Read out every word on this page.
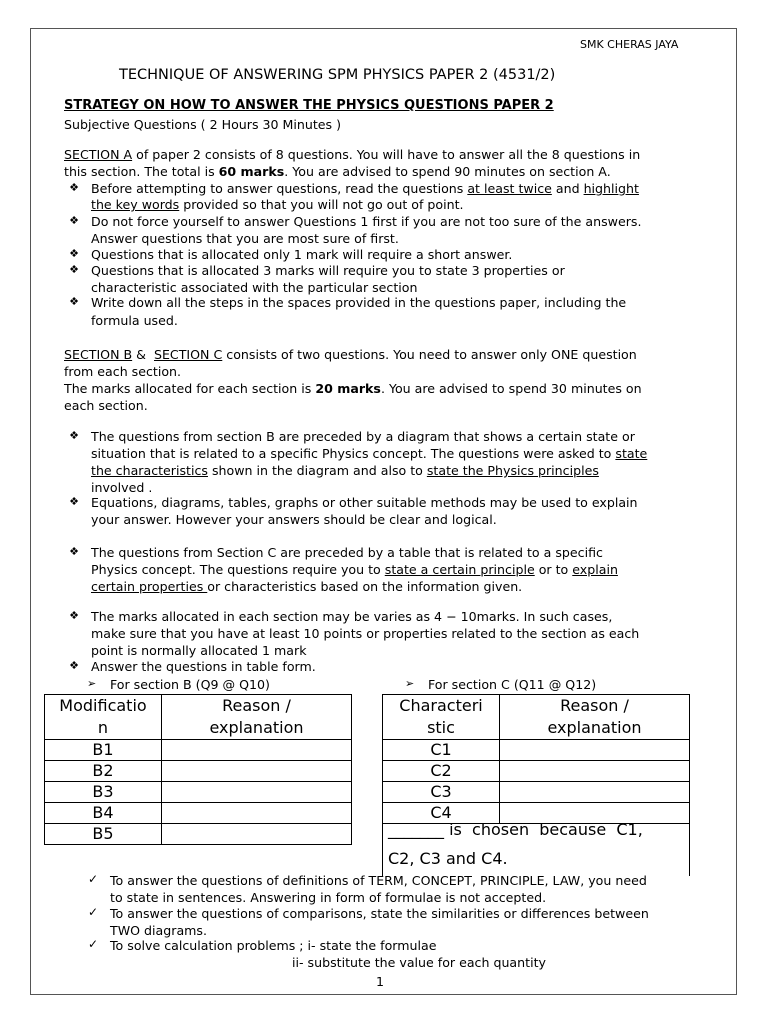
SMK CHERAS JAYA
TECHNIQUE OF ANSWERING SPM PHYSICS PAPER 2 (4531/2)
STRATEGY ON HOW TO ANSWER THE PHYSICS QUESTIONS PAPER 2
Subjective Questions ( 2 Hours 30 Minutes )
SECTION A of paper 2 consists of 8 questions. You will have to answer all the 8 questions in
this section. The total is 60 marks. You are advised to spend 90 minutes on section A.
❖ Before attempting to answer questions, read the questions at least twice and highlight
the key words provided so that you will not go out of point.
❖ Do not force yourself to answer Questions 1 first if you are not too sure of the answers.
Answer questions that you are most sure of first.
❖ Questions that is allocated only 1 mark will require a short answer.
❖ Questions that is allocated 3 marks will require you to state 3 properties or
characteristic associated with the particular section
❖ Write down all the steps in the spaces provided in the questions paper, including the
formula used.
SECTION B &  SECTION C consists of two questions. You need to answer only ONE question
from each section.
The marks allocated for each section is 20 marks. You are advised to spend 30 minutes on
each section.
❖ The questions from section B are preceded by a diagram that shows a certain state or
situation that is related to a specific Physics concept. The questions were asked to state
the characteristics shown in the diagram and also to state the Physics principles
involved .
❖ Equations, diagrams, tables, graphs or other suitable methods may be used to explain
your answer. However your answers should be clear and logical.
❖ The questions from Section C are preceded by a table that is related to a specific
Physics concept. The questions require you to state a certain principle or to explain
certain properties or characteristics based on the information given.
❖ The marks allocated in each section may be varies as 4 − 10marks. In such cases,
make sure that you have at least 10 points or properties related to the section as each
point is normally allocated 1 mark
❖ Answer the questions in table form.
➢ For section B (Q9 @ Q10)	➢ For section C (Q11 @ Q12)
Modificatio
n	Reason /
explanation
B1	
B2	
B3	
B4	
B5	
Characteri
stic	Reason /
explanation
C1	
C2	
C3	
C4	

_______ is  chosen  because  C1,
C2, C3 and C4.
✓ To answer the questions of definitions of TERM, CONCEPT, PRINCIPLE, LAW, you need
to state in sentences. Answering in form of formulae is not accepted.
✓ To answer the questions of comparisons, state the similarities or differences between
TWO diagrams.
✓ To solve calculation problems ; i- state the formulae
ii- substitute the value for each quantity
1
